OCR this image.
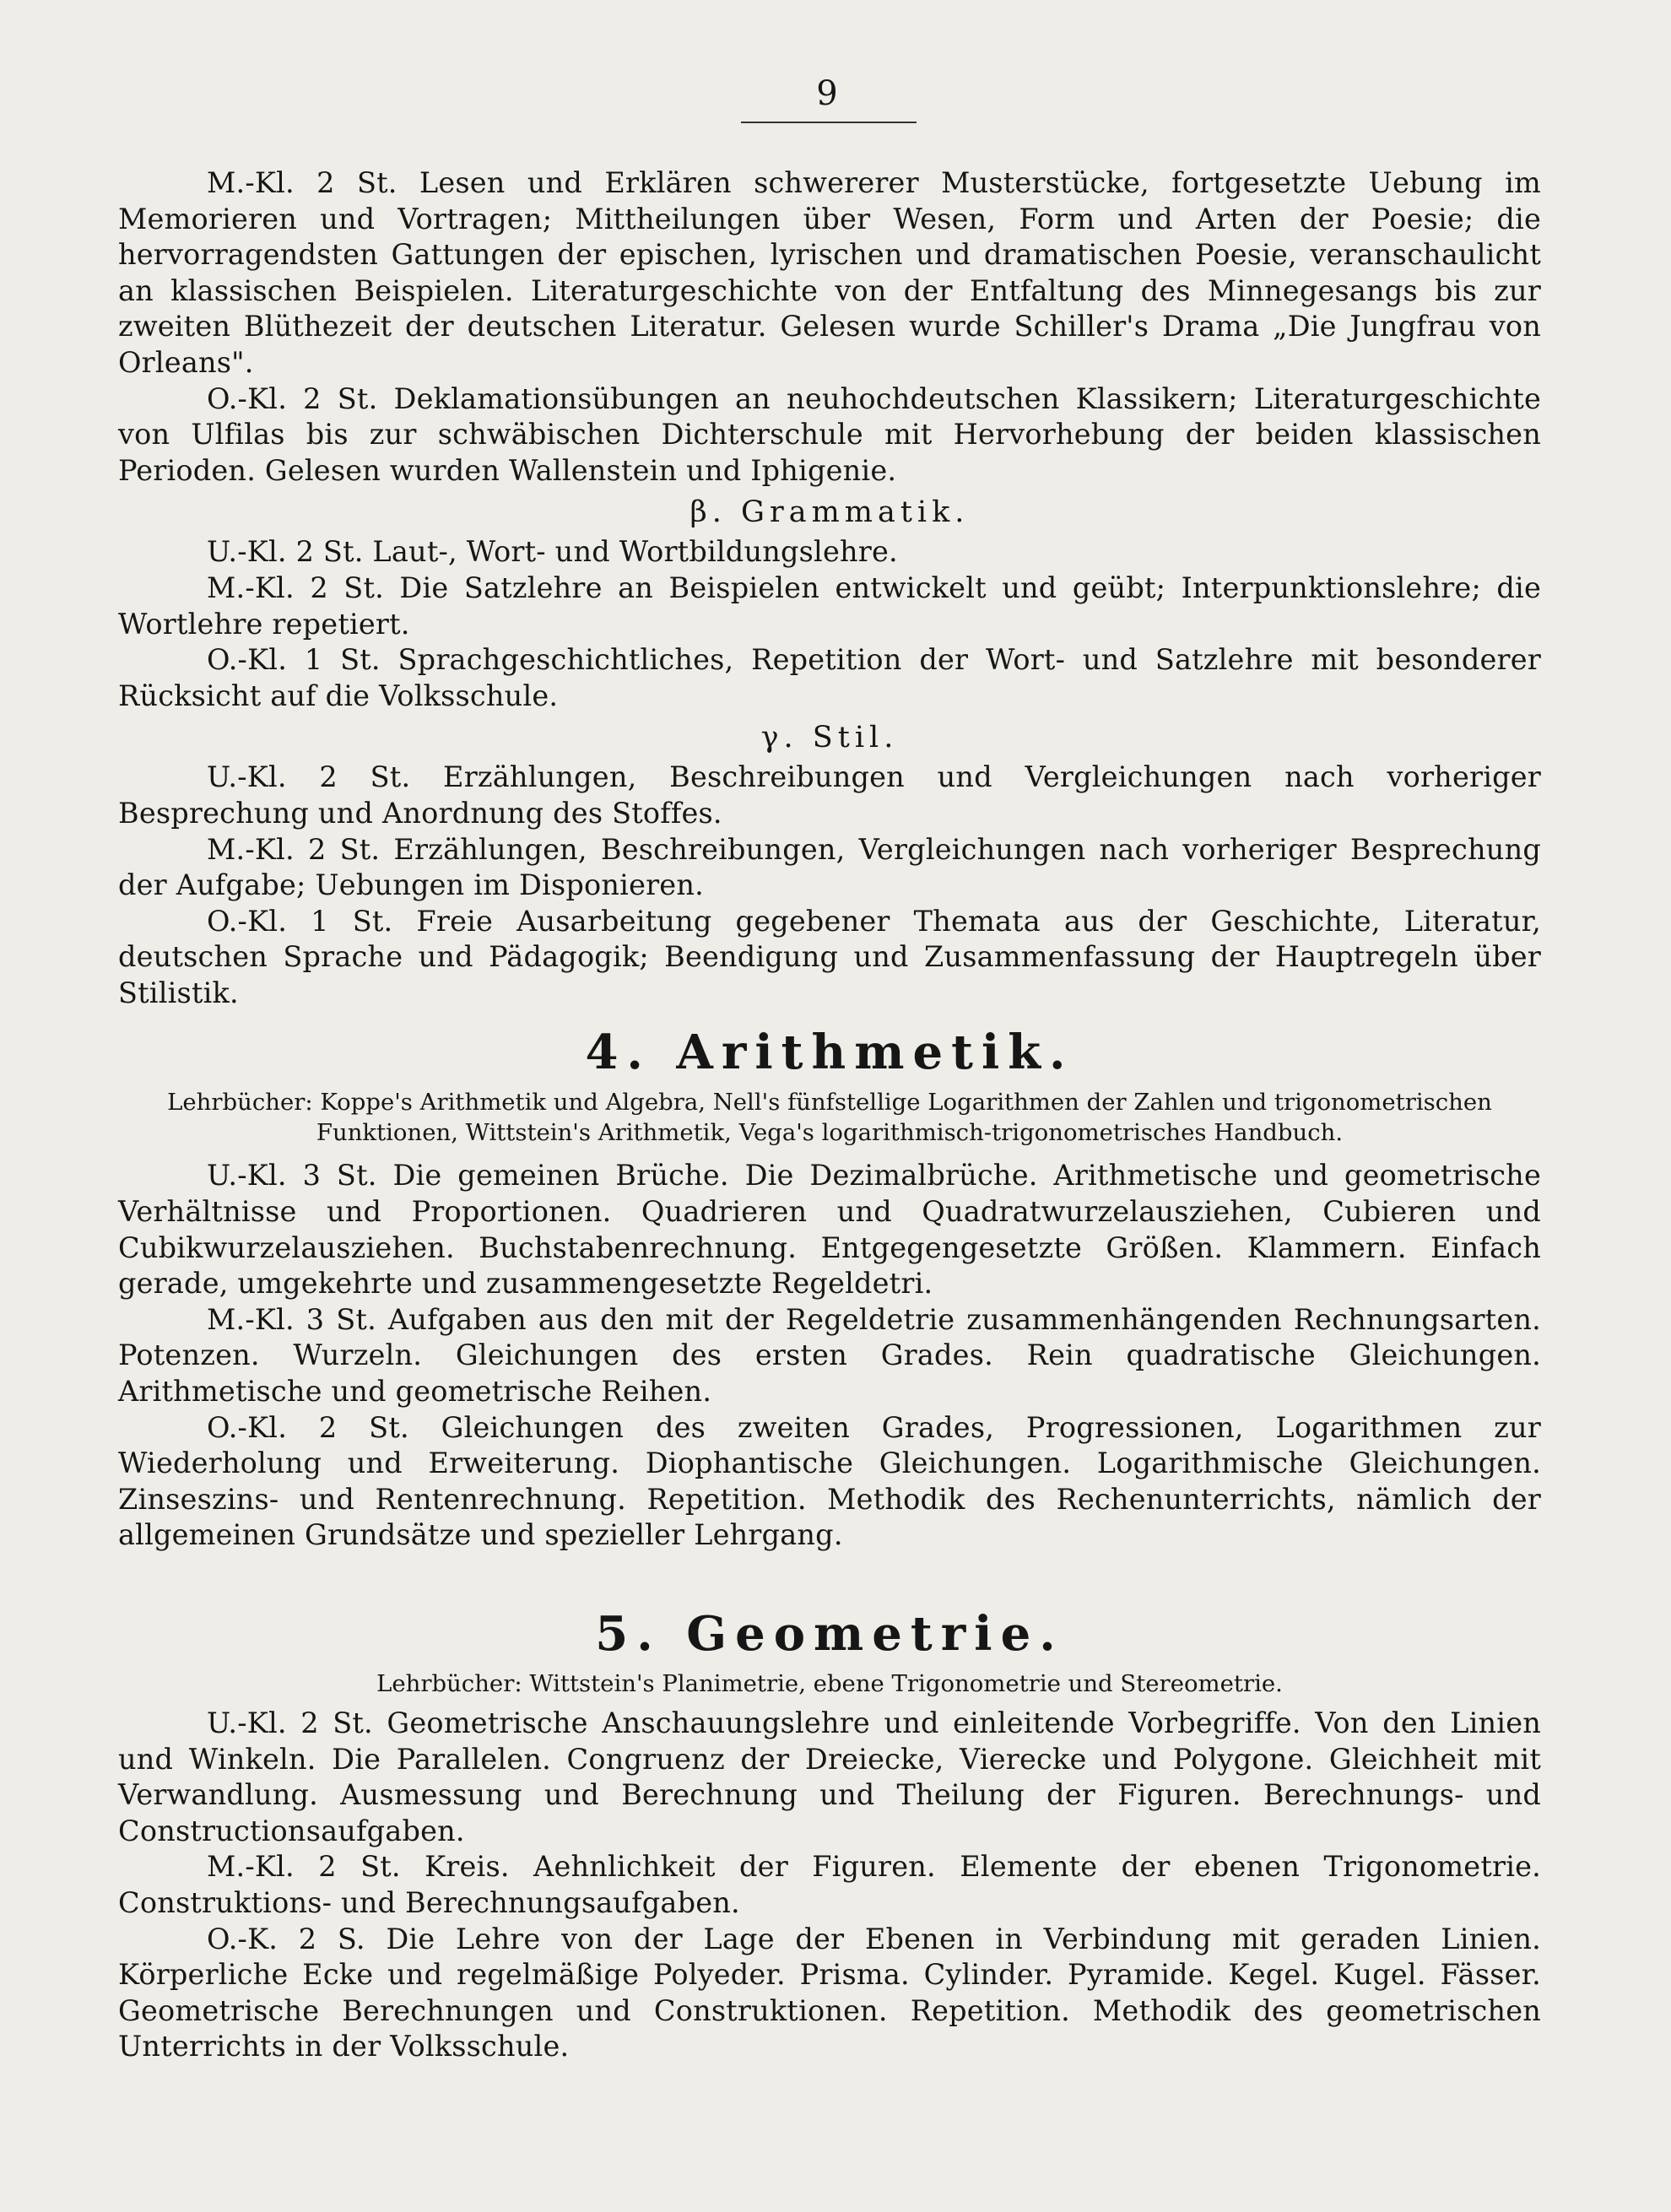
9

M.-Kl. 2 St. Lesen und Erklären schwererer Musterstücke, fortgesetzte Uebung im Memorieren und Vortragen; Mittheilungen über Wesen, Form und Arten der Poesie; die hervorragendsten Gattungen der epischen, lyrischen und dramatischen Poesie, veranschaulicht an klassischen Beispielen. Literaturgeschichte von der Entfaltung des Minnegesangs bis zur zweiten Blüthezeit der deutschen Literatur. Gelesen wurde Schiller's Drama „Die Jungfrau von Orleans".

O.-Kl. 2 St. Deklamationsübungen an neuhochdeutschen Klassikern; Literaturgeschichte von Ulfilas bis zur schwäbischen Dichterschule mit Hervorhebung der beiden klassischen Perioden. Gelesen wurden Wallenstein und Iphigenie.

β. Grammatik.

U.-Kl. 2 St. Laut-, Wort- und Wortbildungslehre.

M.-Kl. 2 St. Die Satzlehre an Beispielen entwickelt und geübt; Interpunktionslehre; die Wortlehre repetiert.

O.-Kl. 1 St. Sprachgeschichtliches, Repetition der Wort- und Satzlehre mit besonderer Rücksicht auf die Volksschule.

γ. Stil.

U.-Kl. 2 St. Erzählungen, Beschreibungen und Vergleichungen nach vorheriger Besprechung und Anordnung des Stoffes.

M.-Kl. 2 St. Erzählungen, Beschreibungen, Vergleichungen nach vorheriger Besprechung der Aufgabe; Uebungen im Disponieren.

O.-Kl. 1 St. Freie Ausarbeitung gegebener Themata aus der Geschichte, Literatur, deutschen Sprache und Pädagogik; Beendigung und Zusammenfassung der Hauptregeln über Stilistik.

4. Arithmetik.

Lehrbücher: Koppe's Arithmetik und Algebra, Nell's fünfstellige Logarithmen der Zahlen und trigonometrischen

Funktionen, Wittstein's Arithmetik, Vega's logarithmisch-trigonometrisches Handbuch.

U.-Kl. 3 St. Die gemeinen Brüche. Die Dezimalbrüche. Arithmetische und geometrische Verhältnisse und Proportionen. Quadrieren und Quadratwurzelausziehen, Cubieren und Cubikwurzelausziehen. Buchstabenrechnung. Entgegengesetzte Größen. Klammern. Einfach gerade, umgekehrte und zusammengesetzte Regeldetri.

M.-Kl. 3 St. Aufgaben aus den mit der Regeldetrie zusammenhängenden Rechnungsarten. Potenzen. Wurzeln. Gleichungen des ersten Grades. Rein quadratische Gleichungen. Arithmetische und geometrische Reihen.

O.-Kl. 2 St. Gleichungen des zweiten Grades, Progressionen, Logarithmen zur Wiederholung und Erweiterung. Diophantische Gleichungen. Logarithmische Gleichungen. Zinseszins- und Rentenrechnung. Repetition. Methodik des Rechenunterrichts, nämlich der allgemeinen Grundsätze und spezieller Lehrgang.

5. Geometrie.

Lehrbücher: Wittstein's Planimetrie, ebene Trigonometrie und Stereometrie.

U.-Kl. 2 St. Geometrische Anschauungslehre und einleitende Vorbegriffe. Von den Linien und Winkeln. Die Parallelen. Congruenz der Dreiecke, Vierecke und Polygone. Gleichheit mit Verwandlung. Ausmessung und Berechnung und Theilung der Figuren. Berechnungs- und Constructionsaufgaben.

M.-Kl. 2 St. Kreis. Aehnlichkeit der Figuren. Elemente der ebenen Trigonometrie. Construktions- und Berechnungsaufgaben.

O.-K. 2 S. Die Lehre von der Lage der Ebenen in Verbindung mit geraden Linien. Körperliche Ecke und regelmäßige Polyeder. Prisma. Cylinder. Pyramide. Kegel. Kugel. Fässer. Geometrische Berechnungen und Construktionen. Repetition. Methodik des geometrischen Unterrichts in der Volksschule.
